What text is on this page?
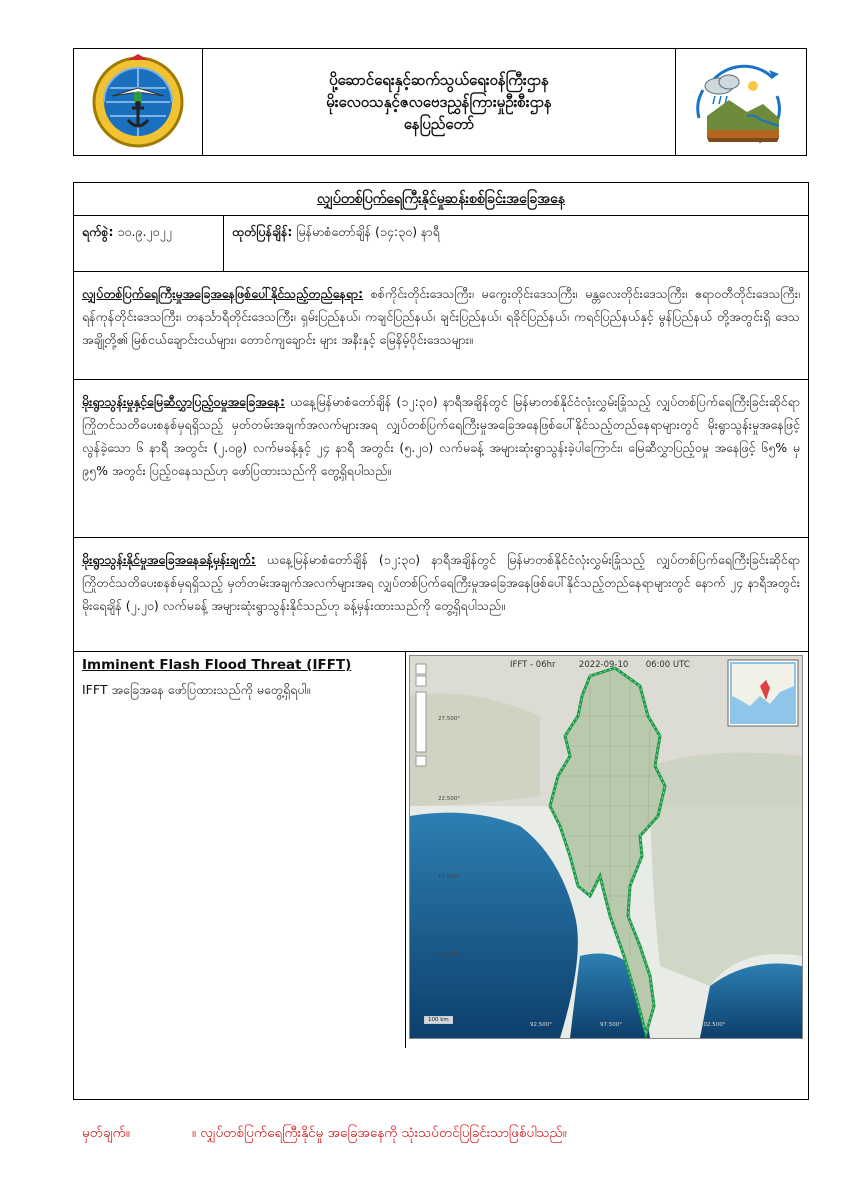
ပို့ဆောင်ရေးနှင့်ဆက်သွယ်ရေးဝန်ကြီးဌာန
မိုးလေဝသနှင့်ဇလဗေဒညွှန်ကြားမှုဦးစီးဌာန
နေပြည်တော်
လျှပ်တစ်ပြက်ရေကြီးနိုင်မှုဆန်းစစ်ခြင်းအခြေအနေ
ရက်စွဲ: ၁၀.၉.၂၀၂၂	ထုတ်ပြန်ချိန်: မြန်မာစံတော်ချိန် (၁၄:၃၀) နာရီ
လျှပ်တစ်ပြက်ရေကြီးမှုအခြေအနေဖြစ်ပေါ်နိုင်သည့်တည်နေရာ: စစ်ကိုင်းတိုင်းဒေသကြီး၊ မကွေးတိုင်းဒေသကြီး၊ မန္တလေးတိုင်းဒေသကြီး၊ ဧရာဝတီတိုင်းဒေသကြီး၊ ရန်ကုန်တိုင်းဒေသကြီး၊ တနင်္သာရီတိုင်းဒေသကြီး၊ ရှမ်းပြည်နယ်၊ ကချင်ပြည်နယ်၊ ချင်းပြည်နယ်၊ ရခိုင်ပြည်နယ်၊ ကရင်ပြည်နယ်နှင့် မွန်ပြည်နယ် တို့အတွင်းရှိ ဒေသအချို့တို့၏ မြစ်ငယ်ချောင်းငယ်များ၊ တောင်ကျချောင်း များ အနီးနှင့် မြေနိမ့်ပိုင်းဒေသများ။
မိုးရွာသွန်းမှုနှင့်မြေဆီလွှာပြည့်ဝမှုအခြေအနေ: ယနေ့မြန်မာစံတော်ချိန် (၁၂:၃၀) နာရီအချိန်တွင် မြန်မာတစ်နိုင်ငံလုံးလွှမ်းခြုံသည့် လျှပ်တစ်ပြက်ရေကြီးခြင်းဆိုင်ရာ ကြိုတင်သတိပေးစနစ်မှရရှိသည့် မှတ်တမ်းအချက်အလက်များအရ လျှပ်တစ်ပြက်ရေကြီးမှုအခြေအနေဖြစ်ပေါ်နိုင်သည့်တည်နေရာများတွင် မိုးရွာသွန်းမှုအနေဖြင့် လွန်ခဲ့သော ၆ နာရီ အတွင်း (၂.၀၉) လက်မခန့်နှင့် ၂၄ နာရီ အတွင်း (၅.၂၀) လက်မခန့် အများဆုံးရွာသွန်းခဲ့ပါကြောင်း၊ မြေဆီလွှာပြည့်ဝမှု အနေဖြင့် ၆၅% မှ ၉၅% အတွင်း ပြည့်ဝနေသည်ဟု ဖော်ပြထားသည်ကို တွေ့ရှိရပါသည်။
မိုးရွာသွန်းနိုင်မှုအခြေအနေခန့်မှန်းချက်: ယနေ့မြန်မာစံတော်ချိန် (၁၂:၃၀) နာရီအချိန်တွင် မြန်မာတစ်နိုင်ငံလုံးလွှမ်းခြုံသည့် လျှပ်တစ်ပြက်ရေကြီးခြင်းဆိုင်ရာ ကြိုတင်သတိပေးစနစ်မှရရှိသည့် မှတ်တမ်းအချက်အလက်များအရ လျှပ်တစ်ပြက်ရေကြီးမှုအခြေအနေဖြစ်ပေါ်နိုင်သည့်တည်နေရာများတွင် နောက် ၂၄ နာရီအတွင်း မိုးရေချိန် (၂.၂၀) လက်မခန့် အများဆုံးရွာသွန်းနိုင်သည်ဟု ခန့်မှန်းထားသည်ကို တွေ့ရှိရပါသည်။
Imminent Flash Flood Threat (IFFT)
IFFT အခြေအနေ ဖော်ပြထားသည်ကို မတွေ့ရှိရပါ။
IFFT - 06hr	2022-09-10 06:00 UTC
27.500°
22.500°
17.500°
12.500°
92.500°	97.500°	102.500°
100 km
မှတ်ချက်။	။ လျှပ်တစ်ပြက်ရေကြီးနိုင်မှု အခြေအနေကို သုံးသပ်တင်ပြခြင်းသာဖြစ်ပါသည်။
